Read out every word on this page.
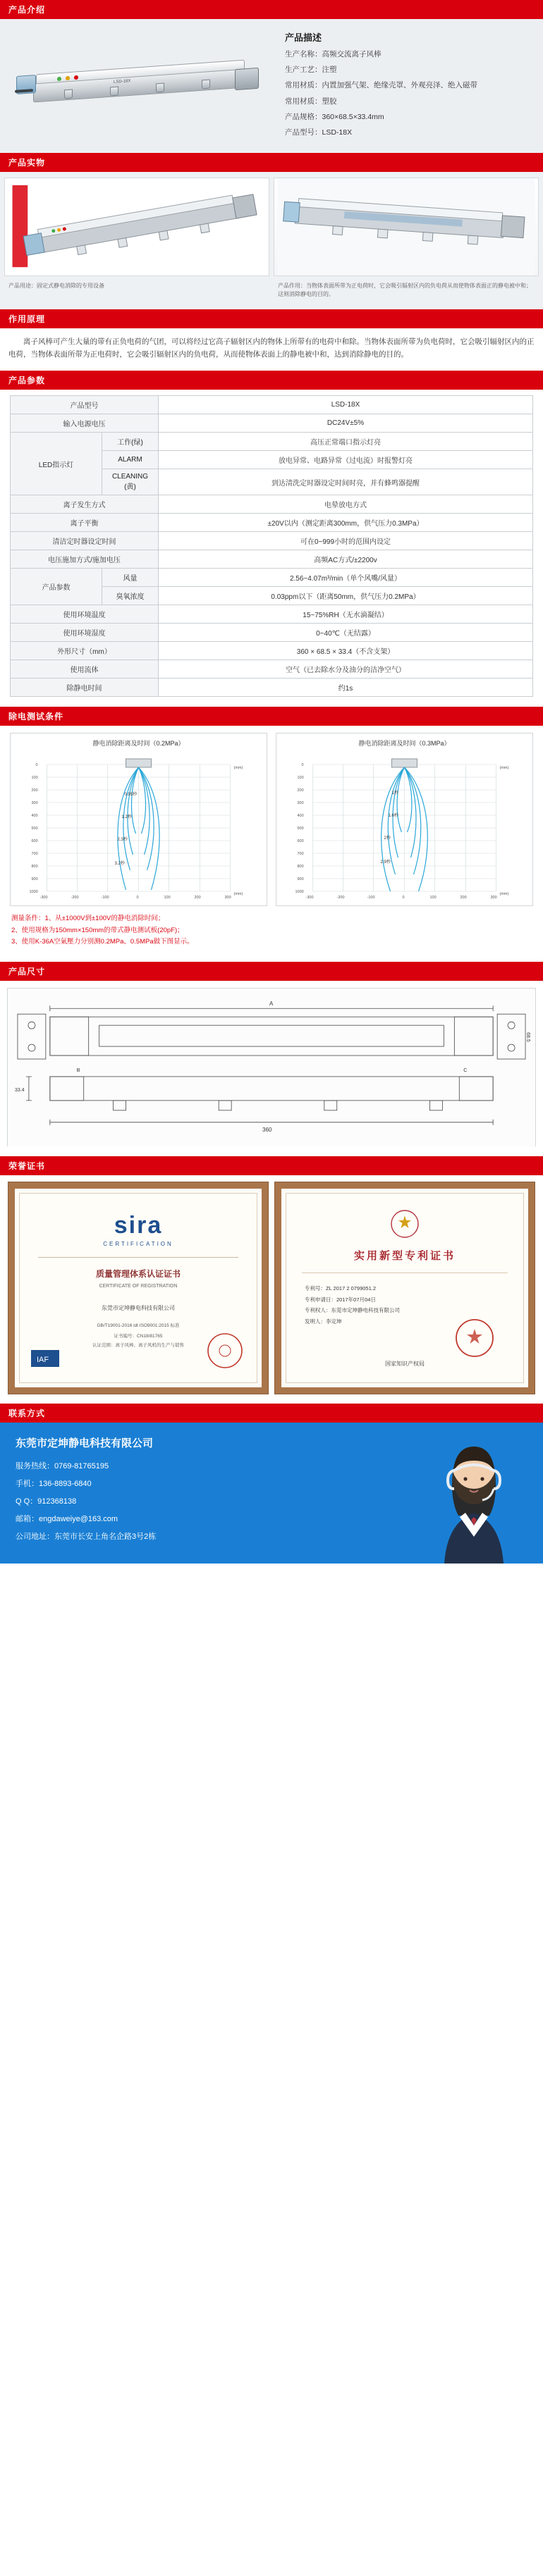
产品介绍
LSD-18X
产品描述

生产名称：高频交流离子风棒

生产工艺：注塑

常用材质：内置加强气架、绝缘壳罩、外观亮泽、绝入磁带

常用材质：塑胶

产品规格：360×68.5×33.4mm

产品型号：LSD-18X

产品实物
产品用途：固定式静电消除的专用设备	产品作用：当物体表面所带为正电荷时，它会吸引辐射区内的负电荷从而使物体表面正的静电被中和；这则消除静电的目的。
作用原理
离子风棒可产生大量的带有正负电荷的气团，可以将经过它高子辐射区内的物体上所带有的电荷中和除。当物体表面所带为负电荷时，它会吸引辐射区内的正电荷，当物体表面所带为正电荷时，它会吸引辐射区内的负电荷，从而使物体表面上的静电被中和，达到消除静电的目的。
产品参数
产品型号		LSD-18X
输入电源电压		DC24V±5%
LED指示灯	工作(绿)	高压正常端口指示灯亮
	ALARM	放电异常、电路异常（过电流）时报警灯亮
	CLEANING (黄)	到达清洗定时器设定时间时亮，并有蜂鸣器提醒
离子发生方式		电晕放电方式
离子平衡		±20V以内（测定距离300mm，供气压力0.3MPa）
清洁定时器设定时间		可在0~999小时的范围内设定
电压施加方式/施加电压		高频AC方式/±2200v
产品参数	风量	2.56~4.07m³/min（单个风嘴/风量）
	臭氧浓度	0.03ppm以下（距离50mm，供气压力0.2MPa）
使用环境温度		15~75%RH（无水滴凝结）
使用环境湿度		0~40℃（无结露）
外形尺寸（mm）		360 × 68.5 × 33.4（不含支架）
使用流体		空气（已去除水分及油分的洁净空气）
除静电时间		约1s
除电测试条件
静电消除距离及时间（0.2MPa）
0.95秒
1.2秒
2.3秒
3.2秒
0
100
200
300
400
500
600
700
800
900
1000
-300	-200	-100	0	100	200	300
(mm)
(mm)
静电消除距离及时间（0.3MPa）
1秒
1.6秒
2秒
2.9秒
0
100
200
300
400
500
600
700
800
900
1000
-300	-200	-100	0	100	200	300
(mm)
(mm)
测量条件：1、从±1000V到±100V的静电消除时间；
2、使用规格为150mm×150mm的带式静电测试板(20pF)；
3、使用K-36A空氣壓力分别测0.2MPa、0.5MPa做下图显示。
产品尺寸
A
68.5
360
33.4
B	C
荣誉证书
sira
CERTIFICATION
质量管理体系认证证书
CERTIFICATE OF REGISTRATION
东莞市定坤静电科技有限公司
GB/T19001-2016 idt ISO9001:2015 标准
证书编号：CN18/81765
认证范围：离子风棒、离子风机的生产与销售
IAF
实用新型专利证书
专利号：ZL 2017 2 0799051.2
专利申请日：2017年07月04日
专利权人：东莞市定坤静电科技有限公司
发明人：李定坤
国家知识产权局
联系方式
东莞市定坤静电科技有限公司

服务热线：0769-81765195

手机：136-8893-6840

Q Q：912368138

邮箱：engdaweiye@163.com

公司地址：东莞市长安上角名企路3号2栋
